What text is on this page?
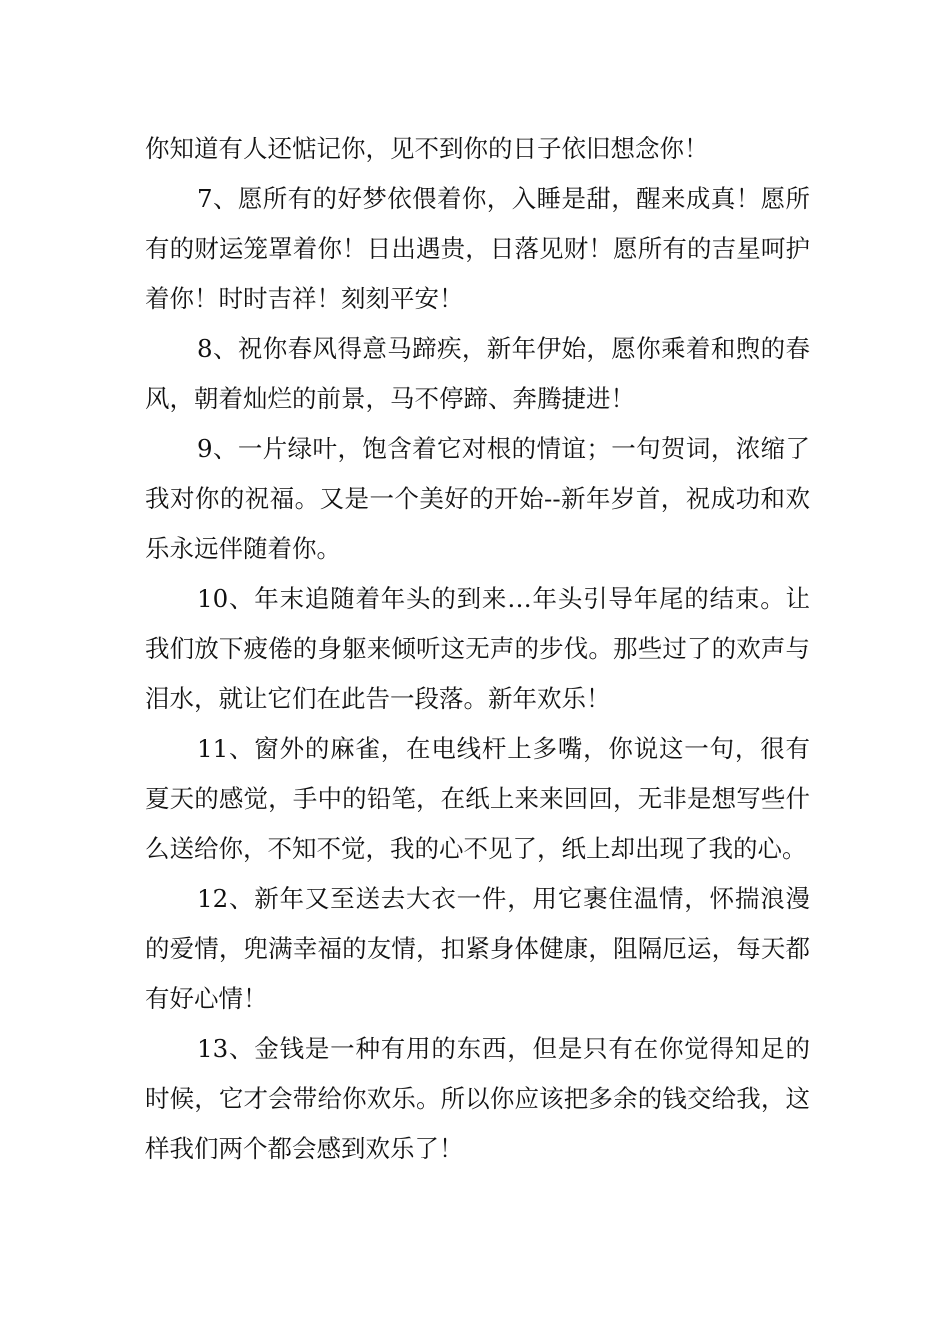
你知道有人还惦记你，见不到你的日子依旧想念你！

7、愿所有的好梦依偎着你，入睡是甜，醒来成真！愿所有的财运笼罩着你！日出遇贵，日落见财！愿所有的吉星呵护着你！时时吉祥！刻刻平安！

8、祝你春风得意马蹄疾，新年伊始，愿你乘着和煦的春风，朝着灿烂的前景，马不停蹄、奔腾捷进！

9、一片绿叶，饱含着它对根的情谊；一句贺词，浓缩了我对你的祝福。又是一个美好的开始--新年岁首，祝成功和欢乐永远伴随着你。

10、年末追随着年头的到来…年头引导年尾的结束。让我们放下疲倦的身躯来倾听这无声的步伐。那些过了的欢声与泪水，就让它们在此告一段落。新年欢乐！

11、窗外的麻雀，在电线杆上多嘴，你说这一句，很有夏天的感觉，手中的铅笔，在纸上来来回回，无非是想写些什么送给你，不知不觉，我的心不见了，纸上却出现了我的心。

12、新年又至送去大衣一件，用它裹住温情，怀揣浪漫的爱情，兜满幸福的友情，扣紧身体健康，阻隔厄运，每天都有好心情！

13、金钱是一种有用的东西，但是只有在你觉得知足的时候，它才会带给你欢乐。所以你应该把多余的钱交给我，这样我们两个都会感到欢乐了！
